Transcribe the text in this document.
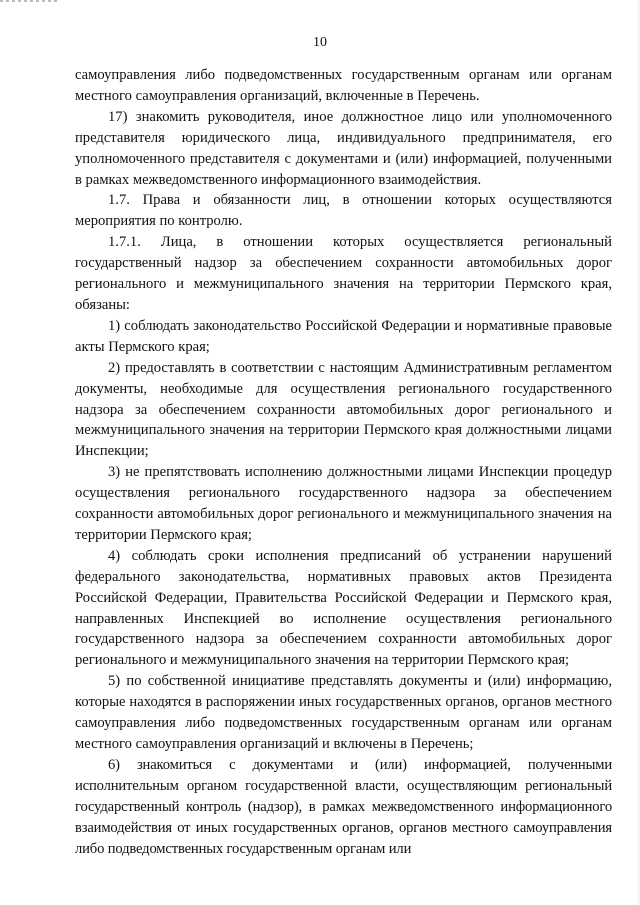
10

самоуправления либо подведомственных государственным органам или органам местного самоуправления организаций, включенные в Перечень.

17) знакомить руководителя, иное должностное лицо или уполномоченного представителя юридического лица, индивидуального предпринимателя, его уполномоченного представителя с документами и (или) информацией, полученными в рамках межведомственного информационного взаимодействия.

1.7. Права и обязанности лиц, в отношении которых осуществляются мероприятия по контролю.

1.7.1. Лица, в отношении которых осуществляется региональный государственный надзор за обеспечением сохранности автомобильных дорог регионального и межмуниципального значения на территории Пермского края, обязаны:

1) соблюдать законодательство Российской Федерации и нормативные правовые акты Пермского края;

2) предоставлять в соответствии с настоящим Административным регламентом документы, необходимые для осуществления регионального государственного надзора за обеспечением сохранности автомобильных дорог регионального и межмуниципального значения на территории Пермского края должностными лицами Инспекции;

3) не препятствовать исполнению должностными лицами Инспекции процедур осуществления регионального государственного надзора за обеспечением сохранности автомобильных дорог регионального и межмуниципального значения на территории Пермского края;

4) соблюдать сроки исполнения предписаний об устранении нарушений федерального законодательства, нормативных правовых актов Президента Российской Федерации, Правительства Российской Федерации и Пермского края, направленных Инспекцией во исполнение осуществления регионального государственного надзора за обеспечением сохранности автомобильных дорог регионального и межмуниципального значения на территории Пермского края;

5) по собственной инициативе представлять документы и (или) информацию, которые находятся в распоряжении иных государственных органов, органов местного самоуправления либо подведомственных государственным органам или органам местного самоуправления организаций и включены в Перечень;

6) знакомиться с документами и (или) информацией, полученными исполнительным органом государственной власти, осуществляющим региональный государственный контроль (надзор), в рамках межведомственного информационного взаимодействия от иных государственных органов, органов местного самоуправления либо подведомственных государственным органам или
